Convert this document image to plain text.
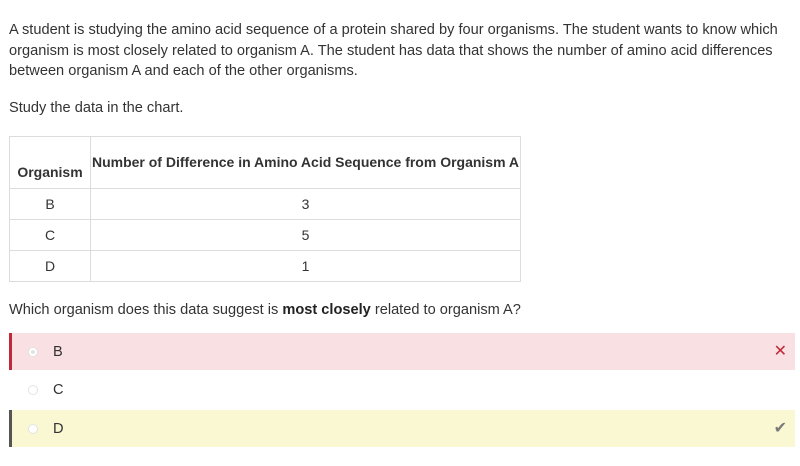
A student is studying the amino acid sequence of a protein shared by four organisms. The student wants to know which organism is most closely related to organism A. The student has data that shows the number of amino acid differences between organism A and each of the other organisms.

Study the data in the chart.

Organism	Number of Difference in Amino Acid Sequence from Organism A
B	3
C	5
D	1

Which organism does this data suggest is most closely related to organism A?

B	✕
C
D	✔
